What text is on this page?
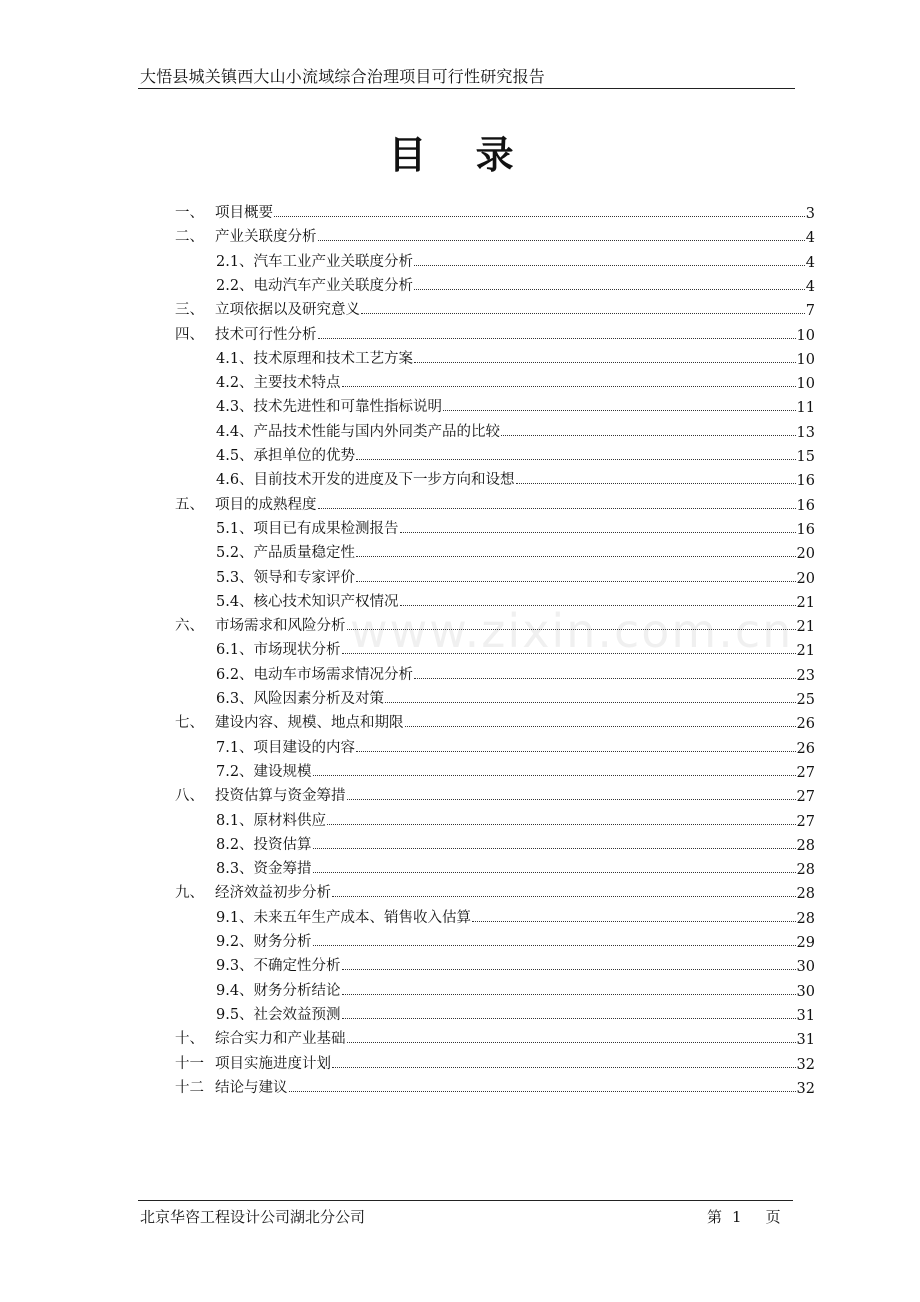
大悟县城关镇西大山小流域综合治理项目可行性研究报告
目 录
www.zixin.com.cn
一、 项目概要	3
二、 产业关联度分析	4
2.1、汽车工业产业关联度分析	4
2.2、电动汽车产业关联度分析	4
三、 立项依据以及研究意义	7
四、 技术可行性分析	10
4.1、技术原理和技术工艺方案	10
4.2、主要技术特点	10
4.3、技术先进性和可靠性指标说明	11
4.4、产品技术性能与国内外同类产品的比较	13
4.5、承担单位的优势	15
4.6、目前技术开发的进度及下一步方向和设想	16
五、 项目的成熟程度	16
5.1、项目已有成果检测报告	16
5.2、产品质量稳定性	20
5.3、领导和专家评价	20
5.4、核心技术知识产权情况	21
六、 市场需求和风险分析	21
6.1、市场现状分析	21
6.2、电动车市场需求情况分析	23
6.3、风险因素分析及对策	25
七、 建设内容、规模、地点和期限	26
7.1、项目建设的内容	26
7.2、建设规模	27
八、 投资估算与资金筹措	27
8.1、原材料供应	27
8.2、投资估算	28
8.3、资金筹措	28
九、 经济效益初步分析	28
9.1、未来五年生产成本、销售收入估算	28
9.2、财务分析	29
9.3、不确定性分析	30
9.4、财务分析结论	30
9.5、社会效益预测	31
十、 综合实力和产业基础	31
十一 项目实施进度计划	32
十二 结论与建议	32
北京华咨工程设计公司湖北分公司	第 1 页
